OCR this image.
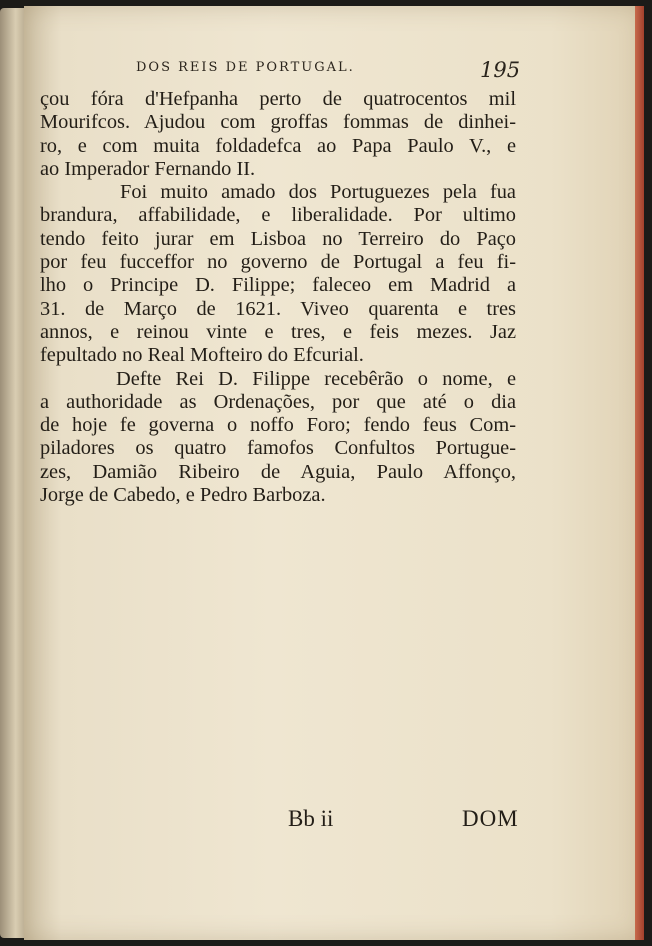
DOS REIS DE PORTUGAL.	195
çou fóra d'Hefpanha perto de quatrocentos mil
Mourifcos. Ajudou com groffas fommas de dinhei-
ro, e com muita foldadefca ao Papa Paulo V., e
ao Imperador Fernando II.
Foi muito amado dos Portuguezes pela fua
brandura, affabilidade, e liberalidade. Por ultimo
tendo feito jurar em Lisboa no Terreiro do Paço
por feu fucceffor no governo de Portugal a feu fi-
lho o Principe D. Filippe; faleceo em Madrid a
31. de Março de 1621. Viveo quarenta e tres
annos, e reinou vinte e tres, e feis mezes. Jaz
fepultado no Real Mofteiro do Efcurial.
Defte Rei D. Filippe recebêrão o nome, e
a authoridade as Ordenações, por que até o dia
de hoje fe governa o noffo Foro; fendo feus Com-
piladores os quatro famofos Confultos Portugue-
zes, Damião Ribeiro de Aguia, Paulo Affonço,
Jorge de Cabedo, e Pedro Barboza.
Bb ii	DOM
